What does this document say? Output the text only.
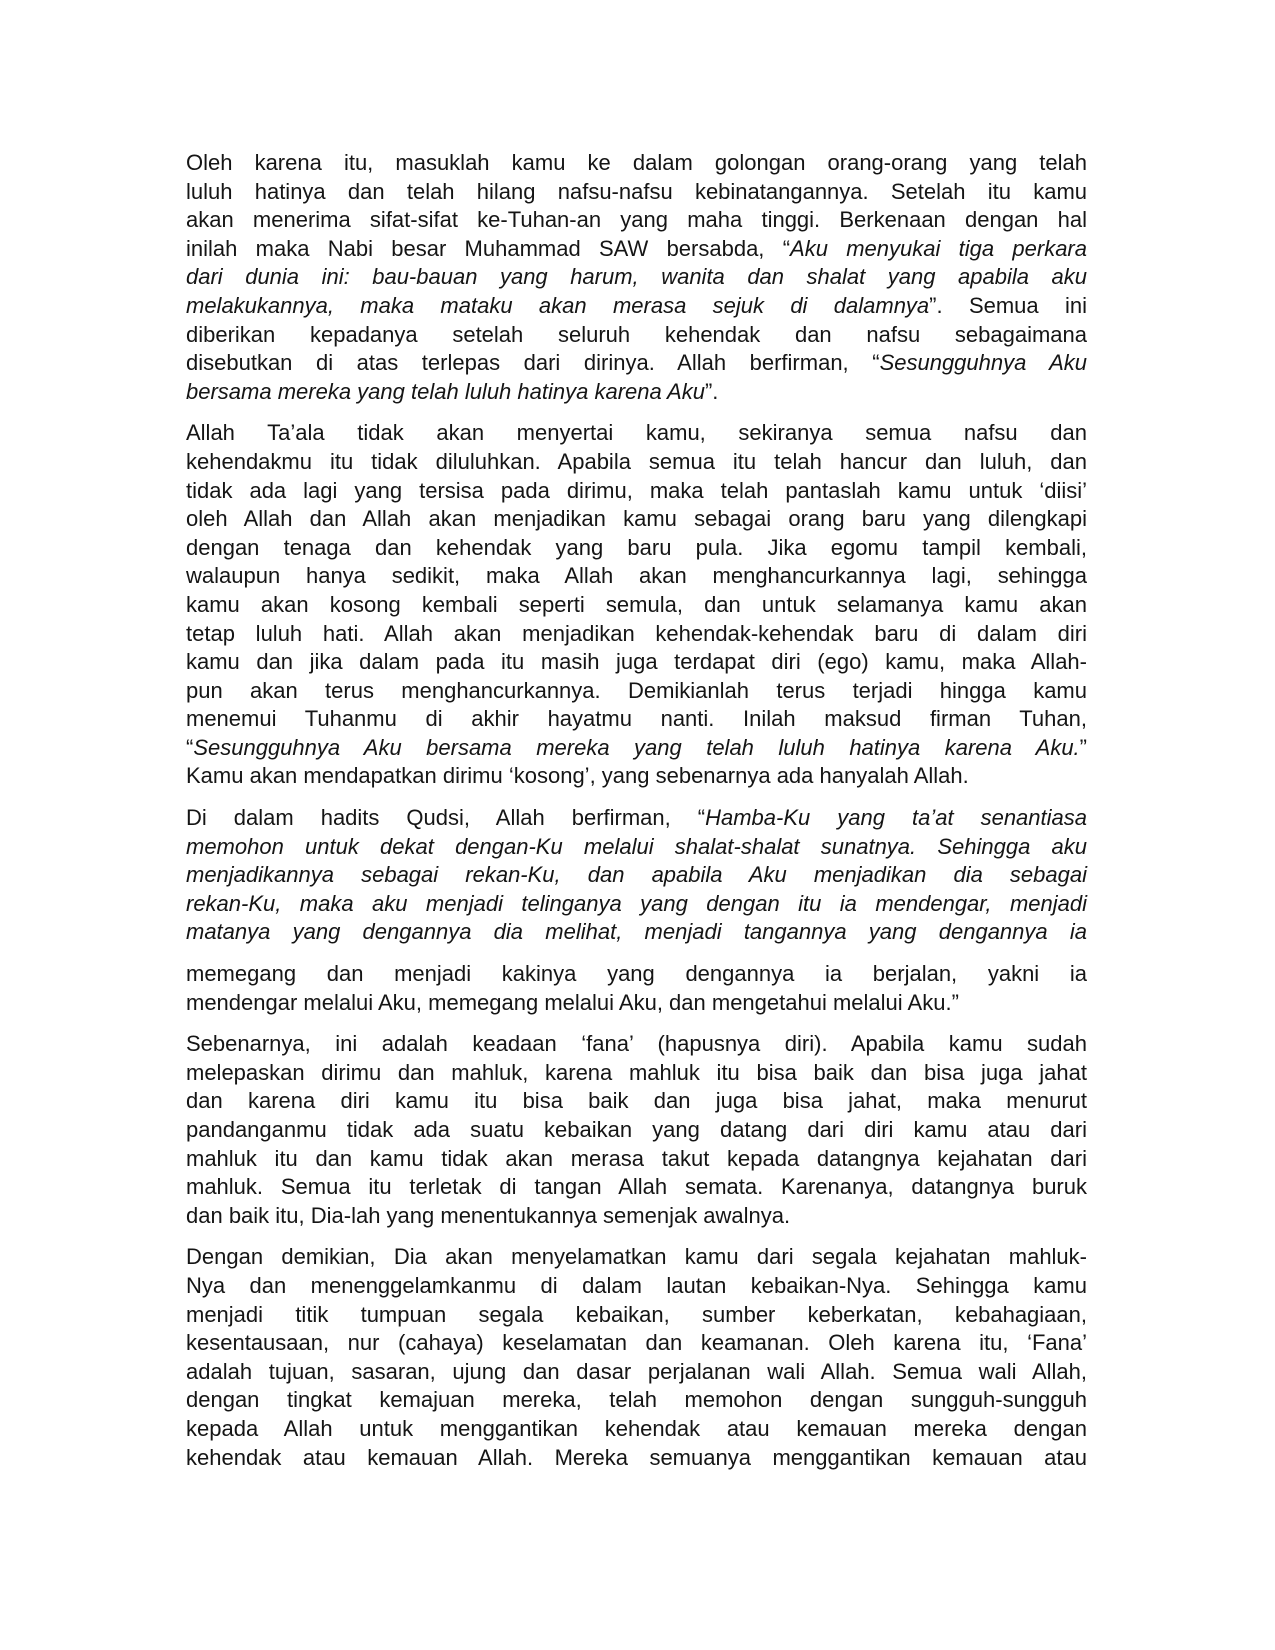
Oleh karena itu, masuklah kamu ke dalam golongan orang-orang yang telah
luluh hatinya dan telah hilang nafsu-nafsu kebinatangannya. Setelah itu kamu
akan menerima sifat-sifat ke-Tuhan-an yang maha tinggi. Berkenaan dengan hal
inilah maka Nabi besar Muhammad SAW bersabda, “Aku menyukai tiga perkara
dari dunia ini: bau-bauan yang harum, wanita dan shalat yang apabila aku
melakukannya, maka mataku akan merasa sejuk di dalamnya”. Semua ini
diberikan kepadanya setelah seluruh kehendak dan nafsu sebagaimana
disebutkan di atas terlepas dari dirinya. Allah berfirman, “Sesungguhnya Aku
bersama mereka yang telah luluh hatinya karena Aku”.

Allah Ta’ala tidak akan menyertai kamu, sekiranya semua nafsu dan
kehendakmu itu tidak diluluhkan. Apabila semua itu telah hancur dan luluh, dan
tidak ada lagi yang tersisa pada dirimu, maka telah pantaslah kamu untuk ‘diisi’
oleh Allah dan Allah akan menjadikan kamu sebagai orang baru yang dilengkapi
dengan tenaga dan kehendak yang baru pula. Jika egomu tampil kembali,
walaupun hanya sedikit, maka Allah akan menghancurkannya lagi, sehingga
kamu akan kosong kembali seperti semula, dan untuk selamanya kamu akan
tetap luluh hati. Allah akan menjadikan kehendak-kehendak baru di dalam diri
kamu dan jika dalam pada itu masih juga terdapat diri (ego) kamu, maka Allah-
pun akan terus menghancurkannya. Demikianlah terus terjadi hingga kamu
menemui Tuhanmu di akhir hayatmu nanti. Inilah maksud firman Tuhan,
“Sesungguhnya Aku bersama mereka yang telah luluh hatinya karena Aku.”
Kamu akan mendapatkan dirimu ‘kosong’, yang sebenarnya ada hanyalah Allah.

Di dalam hadits Qudsi, Allah berfirman, “Hamba-Ku yang ta’at senantiasa
memohon untuk dekat dengan-Ku melalui shalat-shalat sunatnya. Sehingga aku
menjadikannya sebagai rekan-Ku, dan apabila Aku menjadikan dia sebagai
rekan-Ku, maka aku menjadi telinganya yang dengan itu ia mendengar, menjadi
matanya yang dengannya dia melihat, menjadi tangannya yang dengannya ia

memegang dan menjadi kakinya yang dengannya ia berjalan, yakni ia
mendengar melalui Aku, memegang melalui Aku, dan mengetahui melalui Aku.”

Sebenarnya, ini adalah keadaan ‘fana’ (hapusnya diri). Apabila kamu sudah
melepaskan dirimu dan mahluk, karena mahluk itu bisa baik dan bisa juga jahat
dan karena diri kamu itu bisa baik dan juga bisa jahat, maka menurut
pandanganmu tidak ada suatu kebaikan yang datang dari diri kamu atau dari
mahluk itu dan kamu tidak akan merasa takut kepada datangnya kejahatan dari
mahluk. Semua itu terletak di tangan Allah semata. Karenanya, datangnya buruk
dan baik itu, Dia-lah yang menentukannya semenjak awalnya.

Dengan demikian, Dia akan menyelamatkan kamu dari segala kejahatan mahluk-
Nya dan menenggelamkanmu di dalam lautan kebaikan-Nya. Sehingga kamu
menjadi titik tumpuan segala kebaikan, sumber keberkatan, kebahagiaan,
kesentausaan, nur (cahaya) keselamatan dan keamanan. Oleh karena itu, ‘Fana’
adalah tujuan, sasaran, ujung dan dasar perjalanan wali Allah. Semua wali Allah,
dengan tingkat kemajuan mereka, telah memohon dengan sungguh-sungguh
kepada Allah untuk menggantikan kehendak atau kemauan mereka dengan
kehendak atau kemauan Allah. Mereka semuanya menggantikan kemauan atau
